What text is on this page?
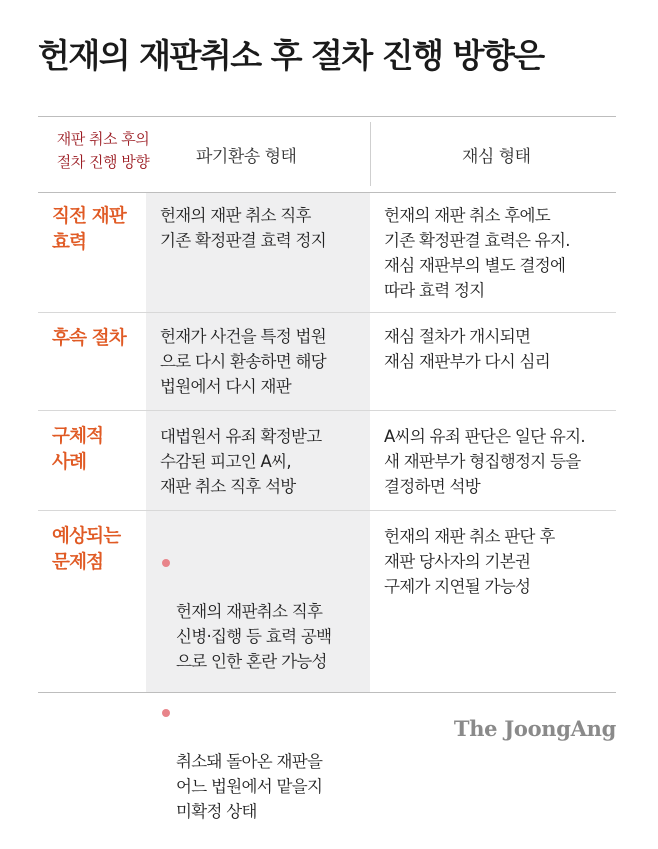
헌재의 재판취소 후 절차 진행 방향은
재판 취소 후의
절차 진행 방향	파기환송 형태	재심 형태
직전 재판
효력
헌재의 재판 취소 직후
기존 확정판결 효력 정지
헌재의 재판 취소 후에도
기존 확정판결 효력은 유지.
재심 재판부의 별도 결정에
따라 효력 정지
후속 절차 헌재가 사건을 특정 법원
으로 다시 환송하면 해당
법원에서 다시 재판
재심 절차가 개시되면
재심 재판부가 다시 심리
구체적
사례
대법원서 유죄 확정받고
수감된 피고인 A씨,
재판 취소 직후 석방
A씨의 유죄 판단은 일단 유지.
새 재판부가 형집행정지 등을
결정하면 석방
예상되는
문제점

헌재의 재판취소 직후
신병·집행 등 효력 공백
으로 인한 혼란 가능성

취소돼 돌아온 재판을
어느 법원에서 맡을지
미확정 상태

헌재의 재판 취소 판단 후
재판 당사자의 기본권
구제가 지연될 가능성
The JoongAng
